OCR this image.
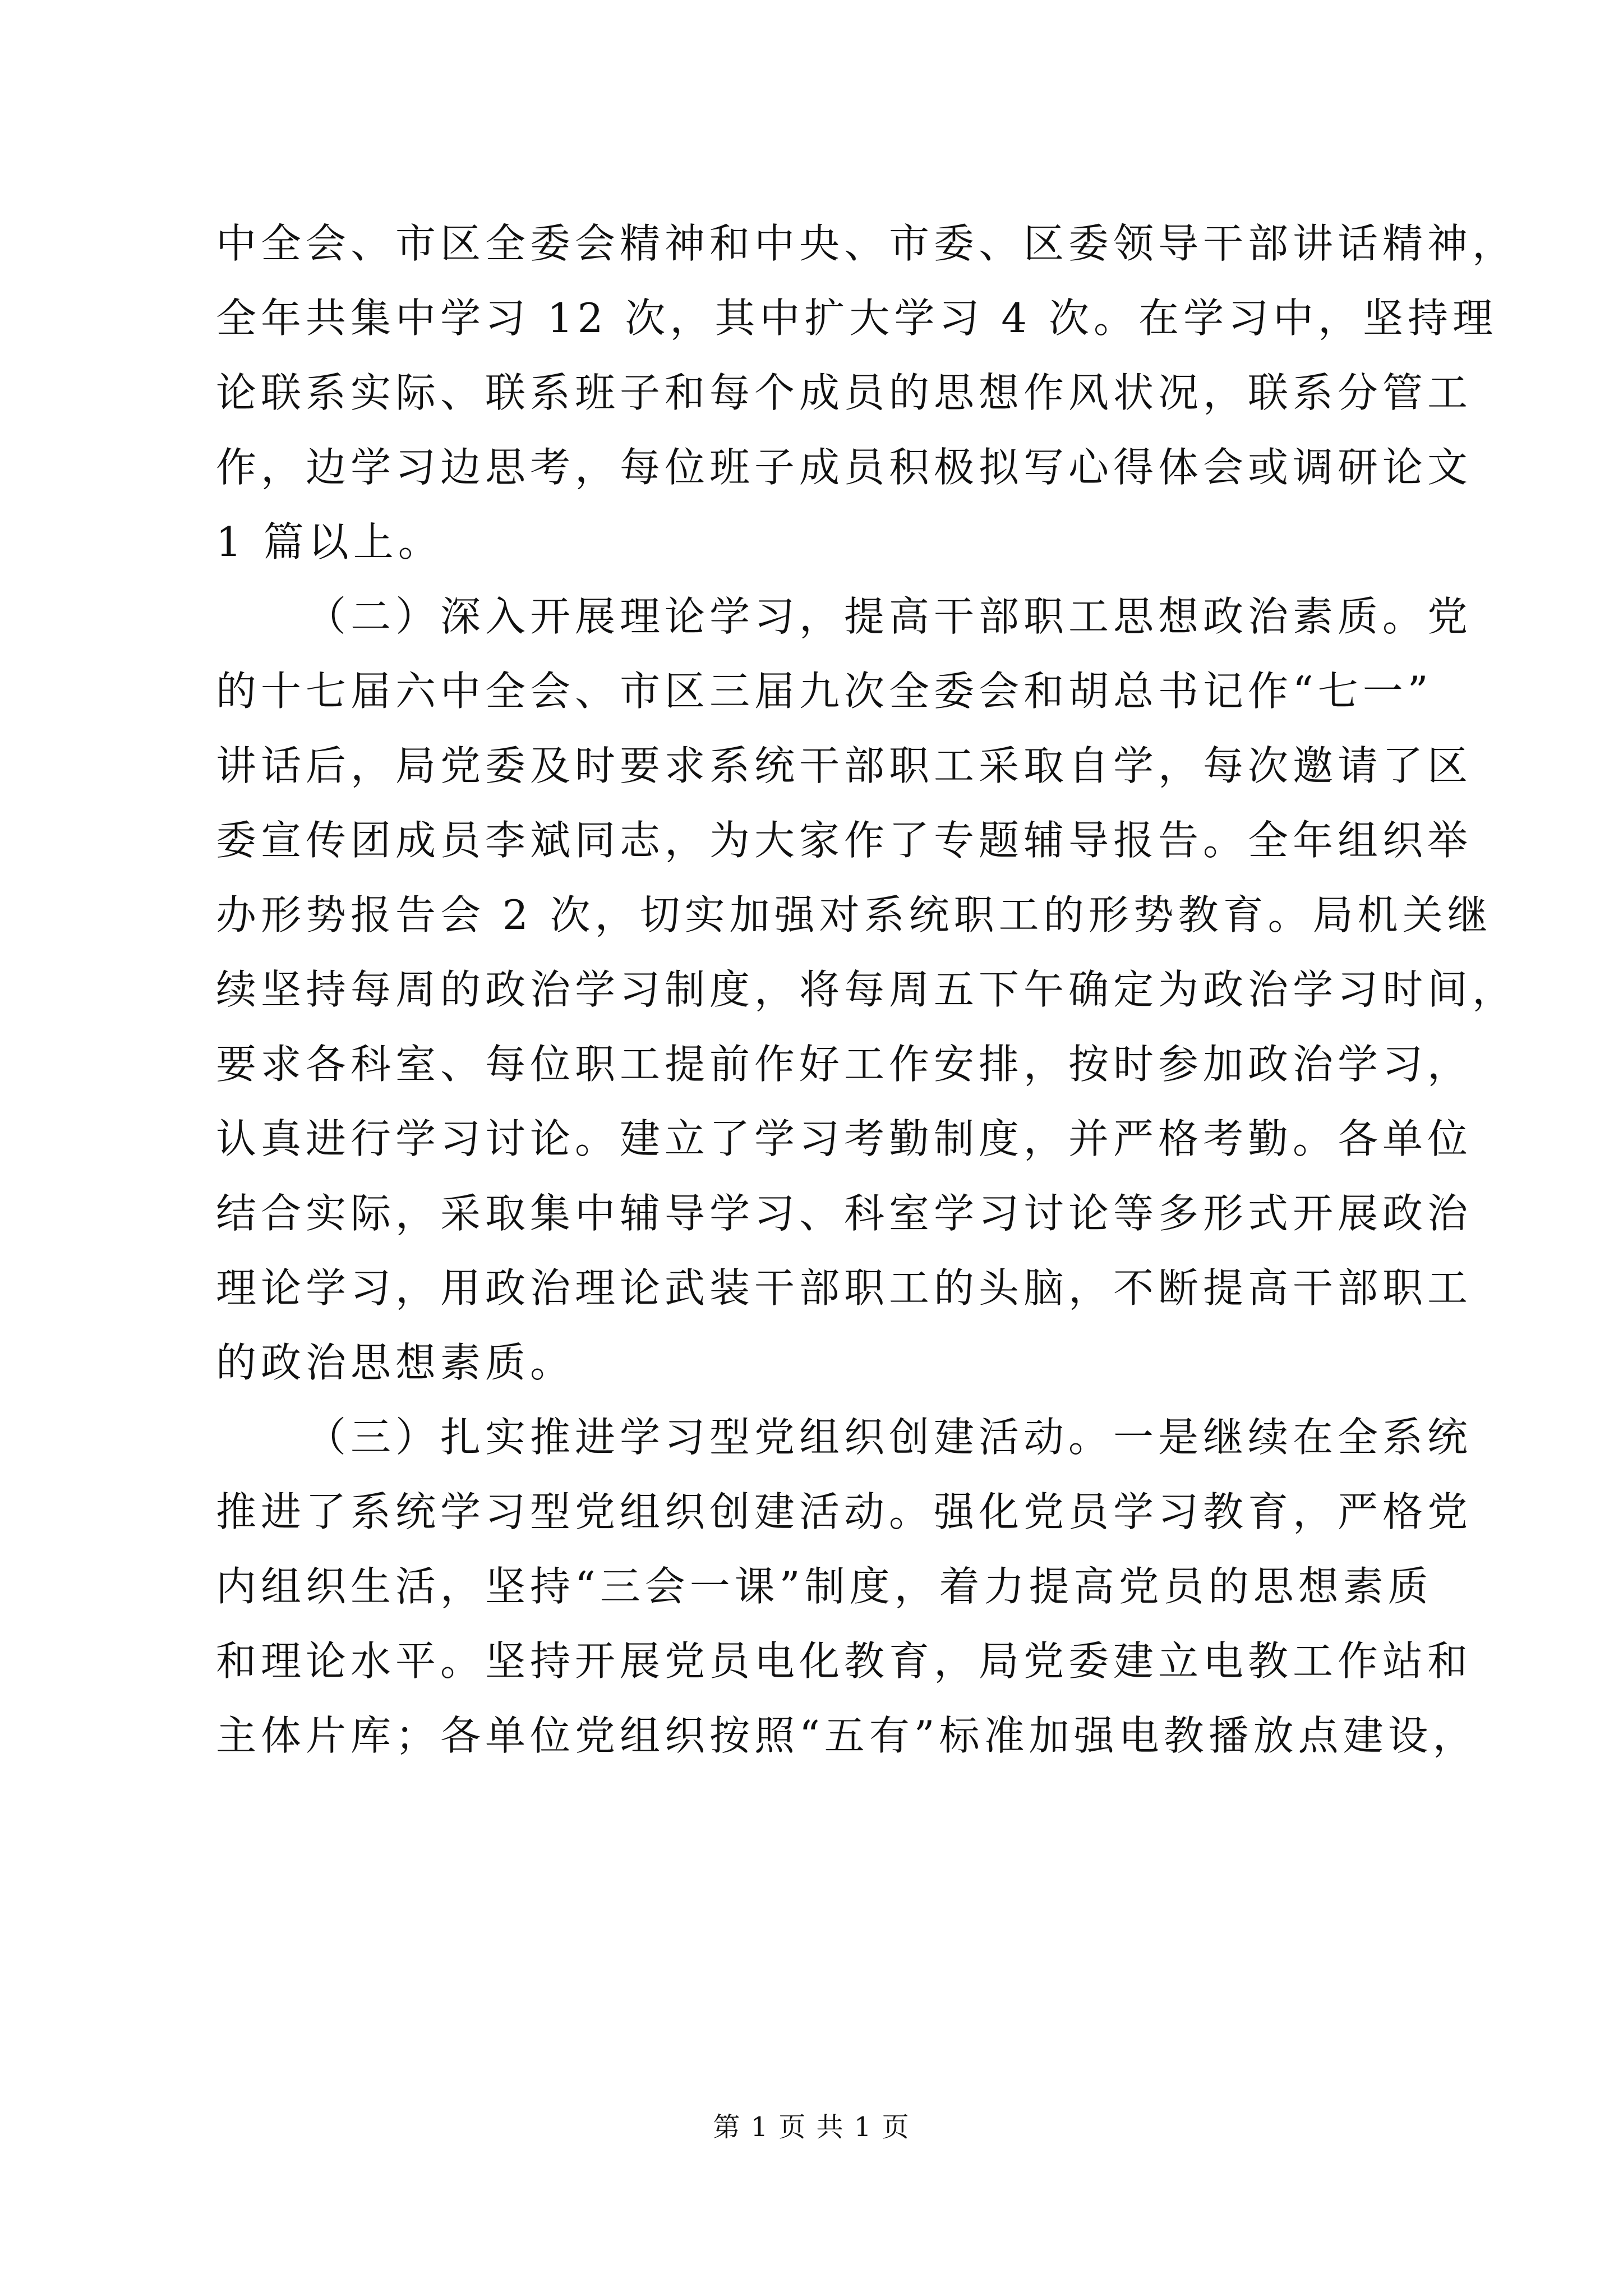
中全会、市区全委会精神和中央、市委、区委领导干部讲话精神，
全年共集中学习 12 次，其中扩大学习 4 次。在学习中，坚持理
论联系实际、联系班子和每个成员的思想作风状况，联系分管工
作，边学习边思考，每位班子成员积极拟写心得体会或调研论文
1 篇以上。
（二）深入开展理论学习，提高干部职工思想政治素质。党
的十七届六中全会、市区三届九次全委会和胡总书记作“七一”
讲话后，局党委及时要求系统干部职工采取自学，每次邀请了区
委宣传团成员李斌同志，为大家作了专题辅导报告。全年组织举
办形势报告会 2 次，切实加强对系统职工的形势教育。局机关继
续坚持每周的政治学习制度，将每周五下午确定为政治学习时间，
要求各科室、每位职工提前作好工作安排，按时参加政治学习，
认真进行学习讨论。建立了学习考勤制度，并严格考勤。各单位
结合实际，采取集中辅导学习、科室学习讨论等多形式开展政治
理论学习，用政治理论武装干部职工的头脑，不断提高干部职工
的政治思想素质。
（三）扎实推进学习型党组织创建活动。一是继续在全系统
推进了系统学习型党组织创建活动。强化党员学习教育，严格党
内组织生活，坚持“三会一课”制度，着力提高党员的思想素质
和理论水平。坚持开展党员电化教育，局党委建立电教工作站和
主体片库；各单位党组织按照“五有”标准加强电教播放点建设，
第 1 页 共 1 页
